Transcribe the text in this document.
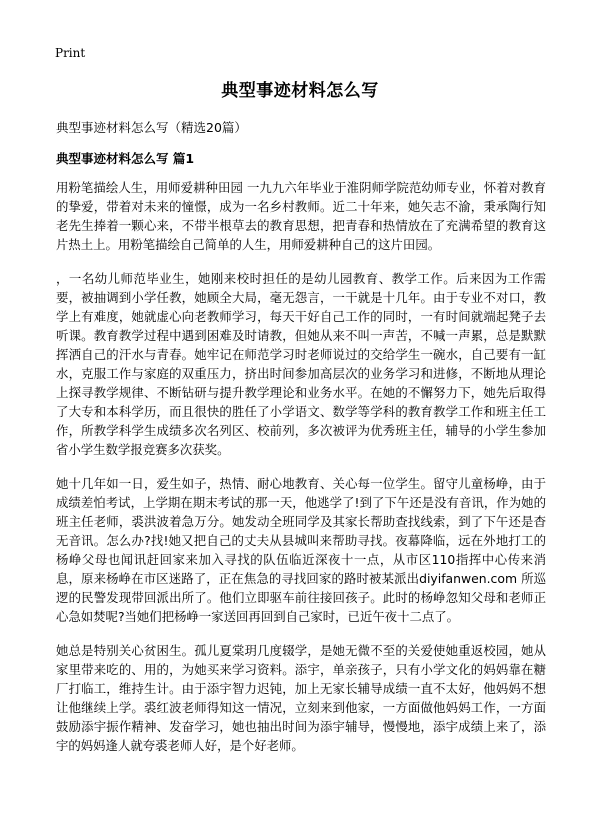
Print
典型事迹材料怎么写
典型事迹材料怎么写（精选20篇）
典型事迹材料怎么写 篇1

用粉笔描绘人生，用师爱耕种田园 一九九六年毕业于淮阴师学院范幼师专业，怀着对教育的挚爱，带着对未来的憧憬，成为一名乡村教师。近二十年来，她矢志不渝，秉承陶行知老先生捧着一颗心来，不带半根草去的教育思想，把青春和热情放在了充满希望的教育这片热土上。用粉笔描绘自己简单的人生，用师爱耕种自己的这片田园。

，一名幼儿师范毕业生，她刚来校时担任的是幼儿园教育、教学工作。后来因为工作需要，被抽调到小学任教，她顾全大局，毫无怨言，一干就是十几年。由于专业不对口，教学上有难度，她就虚心向老教师学习，每天干好自己工作的同时，一有时间就端起凳子去听课。教育教学过程中遇到困难及时请教，但她从来不叫一声苦，不喊一声累，总是默默挥洒自己的汗水与青春。她牢记在师范学习时老师说过的交给学生一碗水，自己要有一缸水，克服工作与家庭的双重压力，挤出时间参加高层次的业务学习和进修，不断地从理论上探寻教学规律、不断钻研与提升教学理论和业务水平。在她的不懈努力下，她先后取得了大专和本科学历，而且很快的胜任了小学语文、数学等学科的教育教学工作和班主任工作，所教学科学生成绩多次名列区、校前列，多次被评为优秀班主任，辅导的小学生参加省小学生数学报竞赛多次获奖。

她十几年如一日，爱生如子，热情、耐心地教育、关心每一位学生。留守儿童杨峥，由于成绩差怕考试，上学期在期末考试的那一天，他逃学了!到了下午还是没有音讯，作为她的班主任老师，裘洪波着急万分。她发动全班同学及其家长帮助查找线索，到了下午还是杳无音讯。怎么办?找!她又把自己的丈夫从县城叫来帮助寻找。夜幕降临，远在外地打工的杨峥父母也闻讯赶回家来加入寻找的队伍临近深夜十一点，从市区110指挥中心传来消息，原来杨峥在市区迷路了，正在焦急的寻找回家的路时被某派出diyifanwen.com 所巡逻的民警发现带回派出所了。他们立即驱车前往接回孩子。此时的杨峥忽知父母和老师正心急如焚呢?当她们把杨峥一家送回再回到自己家时，已近午夜十二点了。

她总是特别关心贫困生。孤儿夏棠玥几度辍学，是她无微不至的关爱使她重返校园，她从家里带来吃的、用的，为她买来学习资料。添宇，单亲孩子，只有小学文化的妈妈靠在糖厂打临工，维持生计。由于添宇智力迟钝，加上无家长辅导成绩一直不太好，他妈妈不想让他继续上学。裘红波老师得知这一情况，立刻来到他家，一方面做他妈妈工作，一方面鼓励添宇振作精神、发奋学习，她也抽出时间为添宇辅导，慢慢地，添宇成绩上来了，添宇的妈妈逢人就夸裘老师人好，是个好老师。
